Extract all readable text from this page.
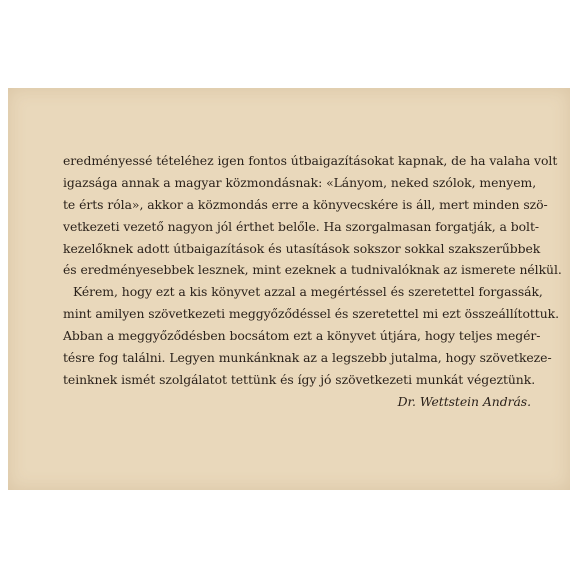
eredményessé tételéhez igen fontos útbaigazításokat kapnak, de ha valaha volt
igazsága annak a magyar közmondásnak: «Lányom, neked szólok, menyem,
te érts róla», akkor a közmondás erre a könyvecskére is áll, mert minden szö-
vetkezeti vezető nagyon jól érthet belőle. Ha szorgalmasan forgatják, a bolt-
kezelőknek adott útbaigazítások és utasítások sokszor sokkal szakszerűbbek
és eredményesebbek lesznek, mint ezeknek a tudnivalóknak az ismerete nélkül.
Kérem, hogy ezt a kis könyvet azzal a megértéssel és szeretettel forgassák,
mint amilyen szövetkezeti meggyőződéssel és szeretettel mi ezt összeállítottuk.
Abban a meggyőződésben bocsátom ezt a könyvet útjára, hogy teljes megér-
tésre fog találni. Legyen munkánknak az a legszebb jutalma, hogy szövetkeze-
teinknek ismét szolgálatot tettünk és így jó szövetkezeti munkát végeztünk.
Dr. Wettstein András.
